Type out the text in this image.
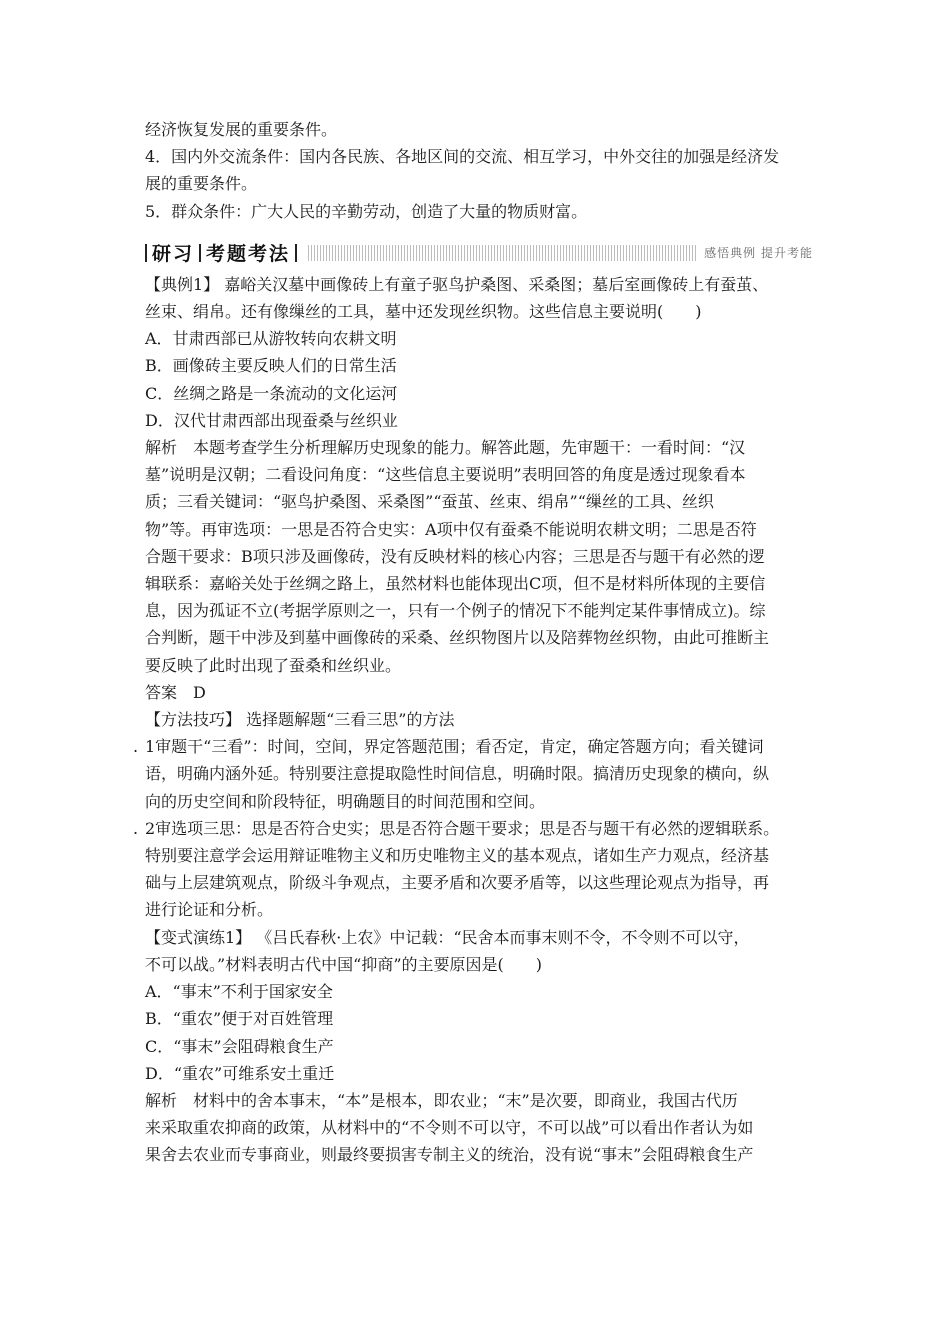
经济恢复发展的重要条件。
4．国内外交流条件：国内各民族、各地区间的交流、相互学习，中外交往的加强是经济发
展的重要条件。
5．群众条件：广大人民的辛勤劳动，创造了大量的物质财富。
研习 考题考法	感悟典例 提升考能
【典例1】 嘉峪关汉墓中画像砖上有童子驱鸟护桑图、采桑图；墓后室画像砖上有蚕茧、
丝束、绢帛。还有像缫丝的工具，墓中还发现丝织物。这些信息主要说明(　　)
A．甘肃西部已从游牧转向农耕文明
B．画像砖主要反映人们的日常生活
C．丝绸之路是一条流动的文化运河
D．汉代甘肃西部出现蚕桑与丝织业
解析　本题考查学生分析理解历史现象的能力。解答此题，先审题干：一看时间：“汉
墓”说明是汉朝；二看设问角度：“这些信息主要说明”表明回答的角度是透过现象看本
质；三看关键词：“驱鸟护桑图、采桑图”“蚕茧、丝束、绢帛”“缫丝的工具、丝织
物”等。再审选项：一思是否符合史实：A项中仅有蚕桑不能说明农耕文明；二思是否符
合题干要求：B项只涉及画像砖，没有反映材料的核心内容；三思是否与题干有必然的逻
辑联系：嘉峪关处于丝绸之路上，虽然材料也能体现出C项，但不是材料所体现的主要信
息，因为孤证不立(考据学原则之一，只有一个例子的情况下不能判定某件事情成立)。综
合判断，题干中涉及到墓中画像砖的采桑、丝织物图片以及陪葬物丝织物，由此可推断主
要反映了此时出现了蚕桑和丝织业。
答案　D
【方法技巧】 选择题解题“三看三思”的方法
. 1审题干“三看”：时间，空间，界定答题范围；看否定，肯定，确定答题方向；看关键词
语，明确内涵外延。特别要注意提取隐性时间信息，明确时限。搞清历史现象的横向，纵
向的历史空间和阶段特征，明确题目的时间范围和空间。
. 2审选项三思：思是否符合史实；思是否符合题干要求；思是否与题干有必然的逻辑联系。
特别要注意学会运用辩证唯物主义和历史唯物主义的基本观点，诸如生产力观点，经济基
础与上层建筑观点，阶级斗争观点，主要矛盾和次要矛盾等，以这些理论观点为指导，再
进行论证和分析。
【变式演练1】 《吕氏春秋·上农》中记载：“民舍本而事末则不令，不令则不可以守，
不可以战。”材料表明古代中国“抑商”的主要原因是(　　)
A．“事末”不利于国家安全
B．“重农”便于对百姓管理
C．“事末”会阻碍粮食生产
D．“重农”可维系安土重迁
解析　材料中的舍本事末，“本”是根本，即农业；“末”是次要，即商业，我国古代历
来采取重农抑商的政策，从材料中的“不令则不可以守，不可以战”可以看出作者认为如
果舍去农业而专事商业，则最终要损害专制主义的统治，没有说“事末”会阻碍粮食生产
